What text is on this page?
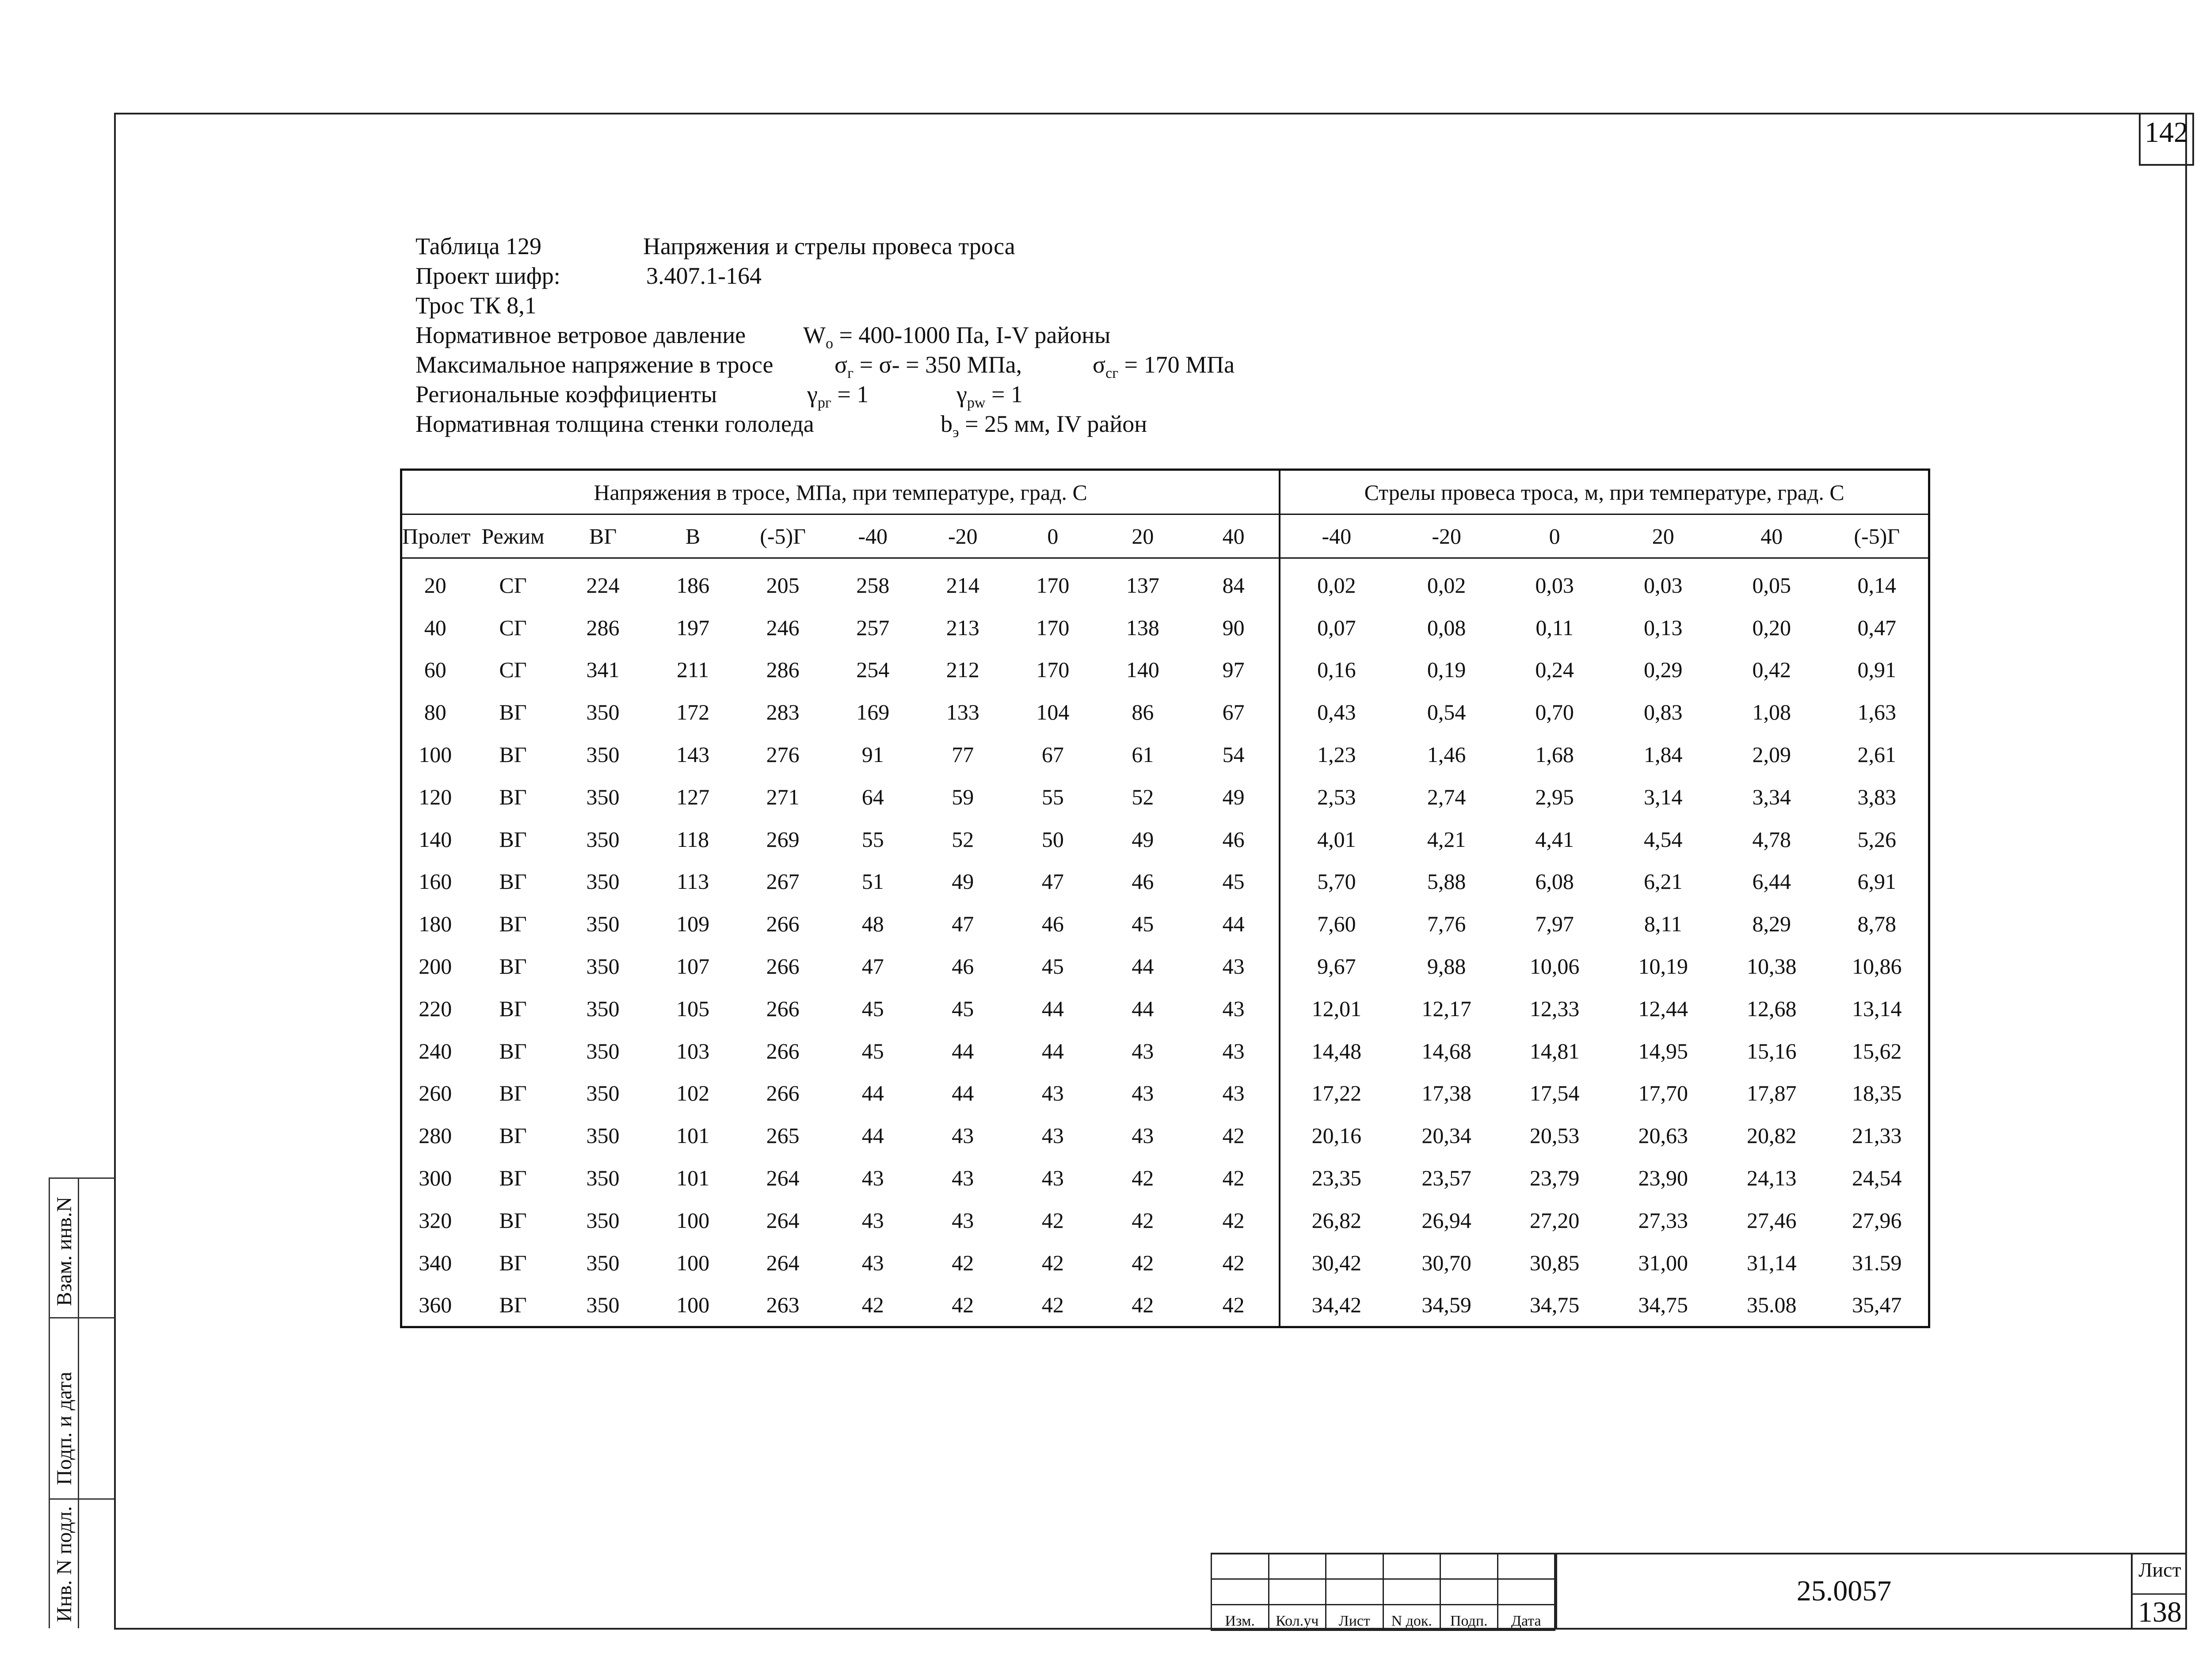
142
Таблица 129	Напряжения и стрелы провеса троса
Проект шифр:	3.407.1-164
Трос ТК 8,1
Нормативное ветровое давление $W_о = 400-1000$ Па, I-V районы
Максимальное напряжение в тросе	$\sigma_г = \sigma- = 350$ МПа,	$\sigma_{сг} = 170$ МПа
Региональные коэффициенты	$\gamma_{pг} = 1$	$\gamma_{pw} = 1$
Нормативная толщина стенки гололеда	$b_э = 25$ мм, IV район
Напряжения в тросе, МПа, при температуре, град. С										Стрелы провеса троса, м, при температуре, град. С					
Пролет	Режим	ВГ	В	(-5)Г	-40	-20	0	20	40	-40	-20	0	20	40	(-5)Г
20	СГ	224	186	205	258	214	170	137	84	0,02	0,02	0,03	0,03	0,05	0,14
40	СГ	286	197	246	257	213	170	138	90	0,07	0,08	0,11	0,13	0,20	0,47
60	СГ	341	211	286	254	212	170	140	97	0,16	0,19	0,24	0,29	0,42	0,91
80	ВГ	350	172	283	169	133	104	86	67	0,43	0,54	0,70	0,83	1,08	1,63
100	ВГ	350	143	276	91	77	67	61	54	1,23	1,46	1,68	1,84	2,09	2,61
120	ВГ	350	127	271	64	59	55	52	49	2,53	2,74	2,95	3,14	3,34	3,83
140	ВГ	350	118	269	55	52	50	49	46	4,01	4,21	4,41	4,54	4,78	5,26
160	ВГ	350	113	267	51	49	47	46	45	5,70	5,88	6,08	6,21	6,44	6,91
180	ВГ	350	109	266	48	47	46	45	44	7,60	7,76	7,97	8,11	8,29	8,78
200	ВГ	350	107	266	47	46	45	44	43	9,67	9,88	10,06	10,19	10,38	10,86
220	ВГ	350	105	266	45	45	44	44	43	12,01	12,17	12,33	12,44	12,68	13,14
240	ВГ	350	103	266	45	44	44	43	43	14,48	14,68	14,81	14,95	15,16	15,62
260	ВГ	350	102	266	44	44	43	43	43	17,22	17,38	17,54	17,70	17,87	18,35
280	ВГ	350	101	265	44	43	43	43	42	20,16	20,34	20,53	20,63	20,82	21,33
300	ВГ	350	101	264	43	43	43	42	42	23,35	23,57	23,79	23,90	24,13	24,54
320	ВГ	350	100	264	43	43	42	42	42	26,82	26,94	27,20	27,33	27,46	27,96
340	ВГ	350	100	264	43	42	42	42	42	30,42	30,70	30,85	31,00	31,14	31.59
360	ВГ	350	100	263	42	42	42	42	42	34,42	34,59	34,75	34,75	35.08	35,47
Взам. инв.N
Подп. и дата
Инв. N подл.

						Изм.	Кол.уч	Лист	N док.	Подп.	Дата
25.0057
Лист
138
